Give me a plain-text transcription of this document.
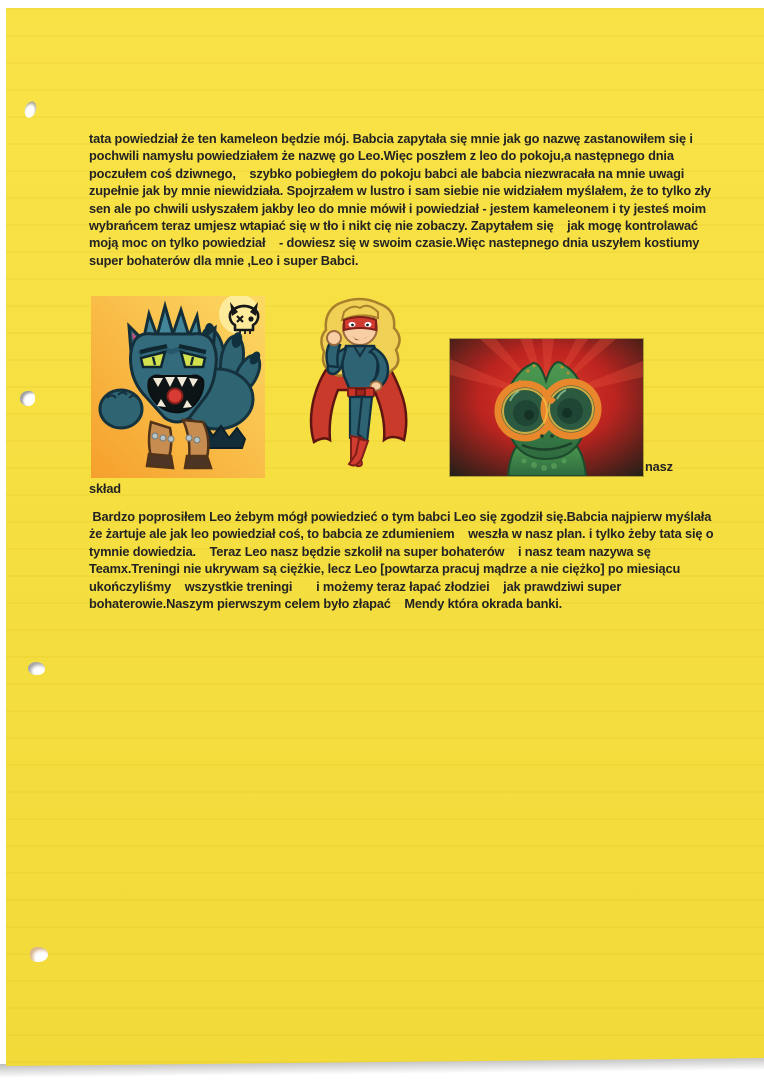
tata powiedział że ten kameleon będzie mój. Babcia zapytała się mnie jak go nazwę zastanowiłem się i
pochwili namysłu powiedziałem że nazwę go Leo.Więc poszłem z leo do pokoju,a następnego dnia
poczułem coś dziwnego,    szybko pobiegłem do pokoju babci ale babcia niezwracała na mnie uwagi
zupełnie jak by mnie niewidziała. Spojrzałem w lustro i sam siebie nie widziałem myślałem, że to tylko zły
sen ale po chwili usłyszałem jakby leo do mnie mówił i powiedział - jestem kameleonem i ty jesteś moim
wybrańcem teraz umjesz wtapiać się w tło i nikt cię nie zobaczy. Zapytałem się    jak mogę kontrolawać
moją moc on tylko powiedział    - dowiesz się w swoim czasie.Więc nastepnego dnia uszyłem kostiumy
super bohaterów dla mnie ,Leo i super Babci.
nasz
skład
Bardzo poprosiłem Leo żebym mógł powiedzieć o tym babci Leo się zgodził się.Babcia najpierw myślała
że żartuje ale jak leo powiedział coś, to babcia ze zdumieniem    weszła w nasz plan. i tylko żeby tata się o
tymnie dowiedzia.    Teraz Leo nasz będzie szkolił na super bohaterów    i nasz team nazywa sę
Teamx.Treningi nie ukrywam są ciężkie, lecz Leo [powtarza pracuj mądrze a nie ciężko] po miesiącu
ukończyliśmy    wszystkie treningi       i możemy teraz łapać złodziei    jak prawdziwi super
bohaterowie.Naszym pierwszym celem było złapać    Mendy która okrada banki.
